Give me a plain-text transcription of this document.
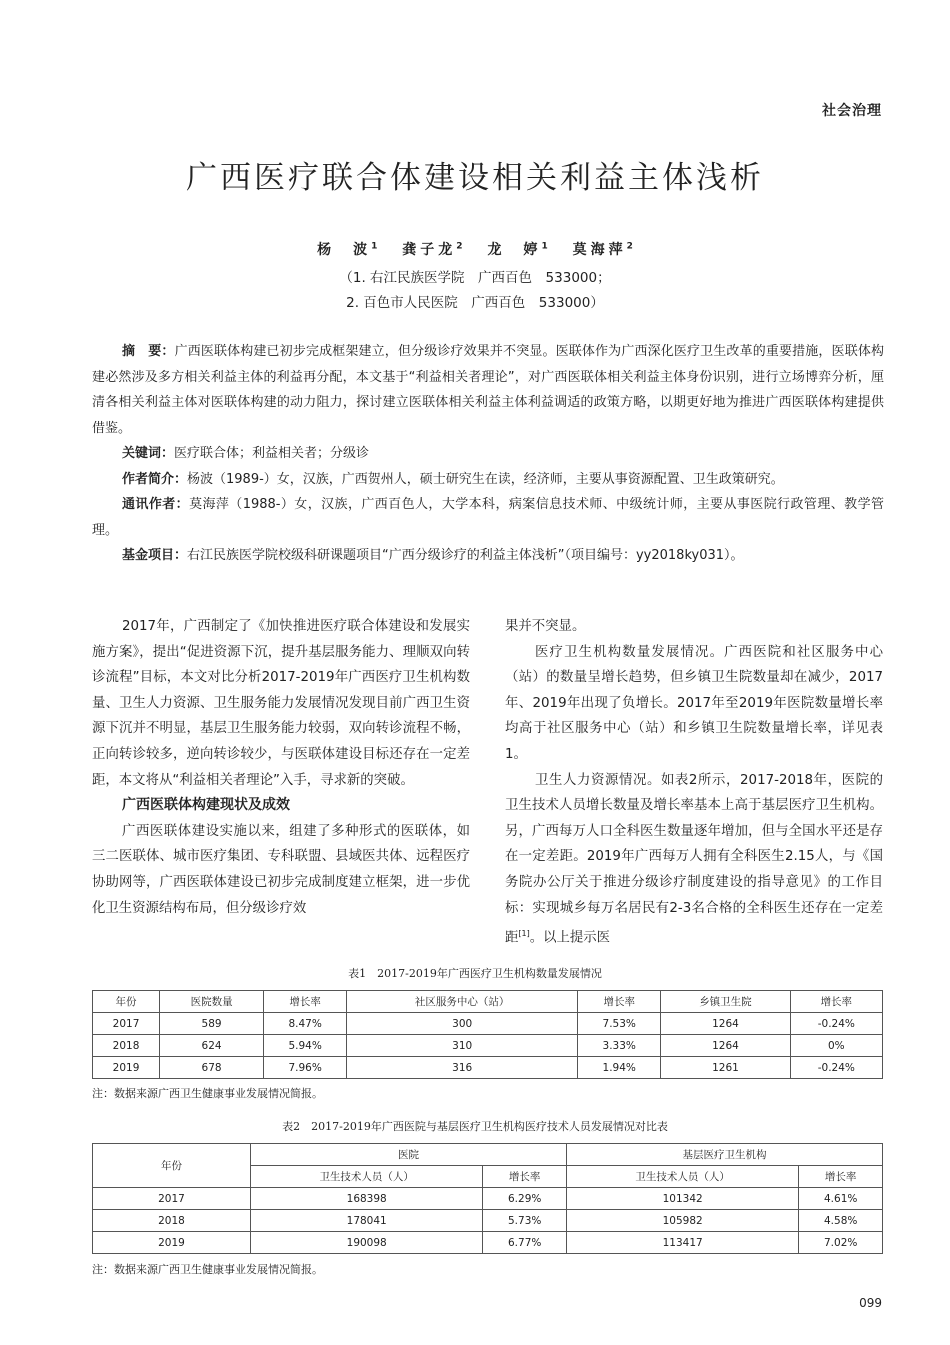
社会治理
广西医疗联合体建设相关利益主体浅析
杨　波$^1$ 龚子龙$^2$ 龙　婷$^1$ 莫海萍$^2$
（1. 右江民族医学院　广西百色　533000；
2. 百色市人民医院　广西百色　533000）
摘　要：广西医联体构建已初步完成框架建立，但分级诊疗效果并不突显。医联体作为广西深化医疗卫生改革的重要措施，医联体构建必然涉及多方相关利益主体的利益再分配，本文基于“利益相关者理论”，对广西医联体相关利益主体身份识别，进行立场博弈分析，厘清各相关利益主体对医联体构建的动力阻力，探讨建立医联体相关利益主体利益调适的政策方略，以期更好地为推进广西医联体构建提供借鉴。
关键词：医疗联合体；利益相关者；分级诊
作者简介：杨波（1989-）女，汉族，广西贺州人，硕士研究生在读，经济师，主要从事资源配置、卫生政策研究。
通讯作者：莫海萍（1988-）女，汉族，广西百色人，大学本科，病案信息技术师、中级统计师，主要从事医院行政管理、教学管理。
基金项目：右江民族医学院校级科研课题项目“广西分级诊疗的利益主体浅析”（项目编号：yy2018ky031）。

2017年，广西制定了《加快推进医疗联合体建设和发展实施方案》，提出“促进资源下沉，提升基层服务能力、理顺双向转诊流程”目标，本文对比分析2017-2019年广西医疗卫生机构数量、卫生人力资源、卫生服务能力发展情况发现目前广西卫生资源下沉并不明显，基层卫生服务能力较弱，双向转诊流程不畅，正向转诊较多，逆向转诊较少，与医联体建设目标还存在一定差距，本文将从“利益相关者理论”入手，寻求新的突破。

广西医联体构建现状及成效

广西医联体建设实施以来，组建了多种形式的医联体，如三二医联体、城市医疗集团、专科联盟、县域医共体、远程医疗协助网等，广西医联体建设已初步完成制度建立框架，进一步优化卫生资源结构布局，但分级诊疗效

果并不突显。

医疗卫生机构数量发展情况。广西医院和社区服务中心（站）的数量呈增长趋势，但乡镇卫生院数量却在减少，2017年、2019年出现了负增长。2017年至2019年医院数量增长率均高于社区服务中心（站）和乡镇卫生院数量增长率，详见表1。

卫生人力资源情况。如表2所示，2017-2018年，医院的卫生技术人员增长数量及增长率基本上高于基层医疗卫生机构。另，广西每万人口全科医生数量逐年增加，但与全国水平还是存在一定差距。2019年广西每万人拥有全科医生2.15人，与《国务院办公厅关于推进分级诊疗制度建设的指导意见》的工作目标：实现城乡每万名居民有2-3名合格的全科医生还存在一定差距[1]。以上提示医

表1　2017-2019年广西医疗卫生机构数量发展情况
年份	医院数量	增长率	社区服务中心（站）	增长率	乡镇卫生院	增长率
2017	589	8.47%	300	7.53%	1264	-0.24%
2018	624	5.94%	310	3.33%	1264	0%
2019	678	7.96%	316	1.94%	1261	-0.24%
注：数据来源广西卫生健康事业发展情况简报。
表2　2017-2019年广西医院与基层医疗卫生机构医疗技术人员发展情况对比表
年份	医院		基层医疗卫生机构	
	卫生技术人员（人）	增长率	卫生技术人员（人）	增长率
2017	168398	6.29%	101342	4.61%
2018	178041	5.73%	105982	4.58%
2019	190098	6.77%	113417	7.02%
注：数据来源广西卫生健康事业发展情况简报。
099
